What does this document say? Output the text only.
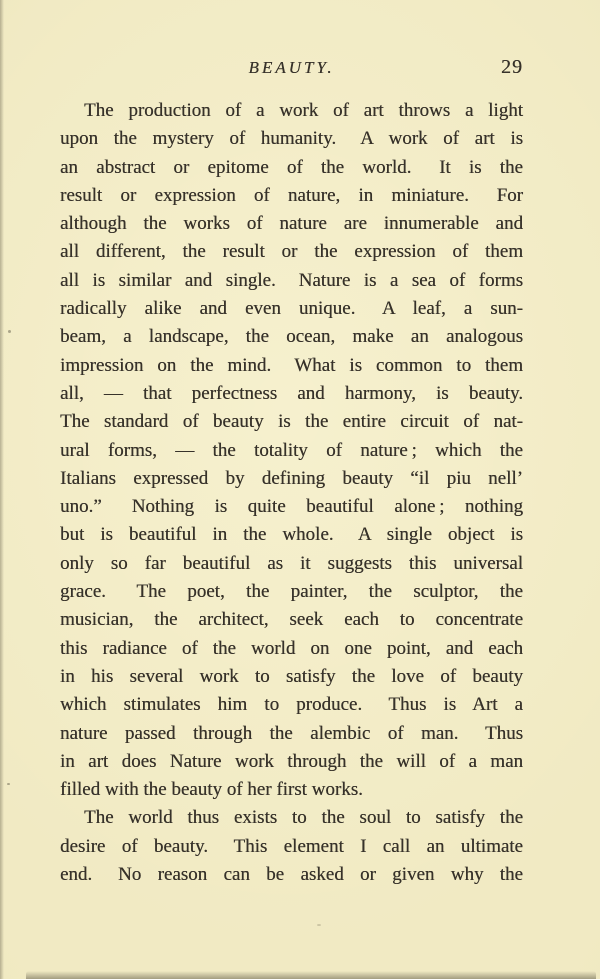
BEAUTY.	29
The production of a work of art throws a light
upon the mystery of humanity.  A work of art is
an abstract or epitome of the world.  It is the
result or expression of nature, in miniature.  For
although the works of nature are innumerable and
all different, the result or the expression of them
all is similar and single.  Nature is a sea of forms
radically alike and even unique.  A leaf, a sun-
beam, a landscape, the ocean, make an analogous
impression on the mind.  What is common to them
all, — that perfectness and harmony, is beauty.
The standard of beauty is the entire circuit of nat-
ural forms, — the totality of nature ; which the
Italians expressed by defining beauty “il piu nell’
uno.”  Nothing is quite beautiful alone ; nothing
but is beautiful in the whole.  A single object is
only so far beautiful as it suggests this universal
grace.  The poet, the painter, the sculptor, the
musician, the architect, seek each to concentrate
this radiance of the world on one point, and each
in his several work to satisfy the love of beauty
which stimulates him to produce.  Thus is Art a
nature passed through the alembic of man.  Thus
in art does Nature work through the will of a man
filled with the beauty of her first works.
The world thus exists to the soul to satisfy the
desire of beauty.  This element I call an ultimate
end.  No reason can be asked or given why the
